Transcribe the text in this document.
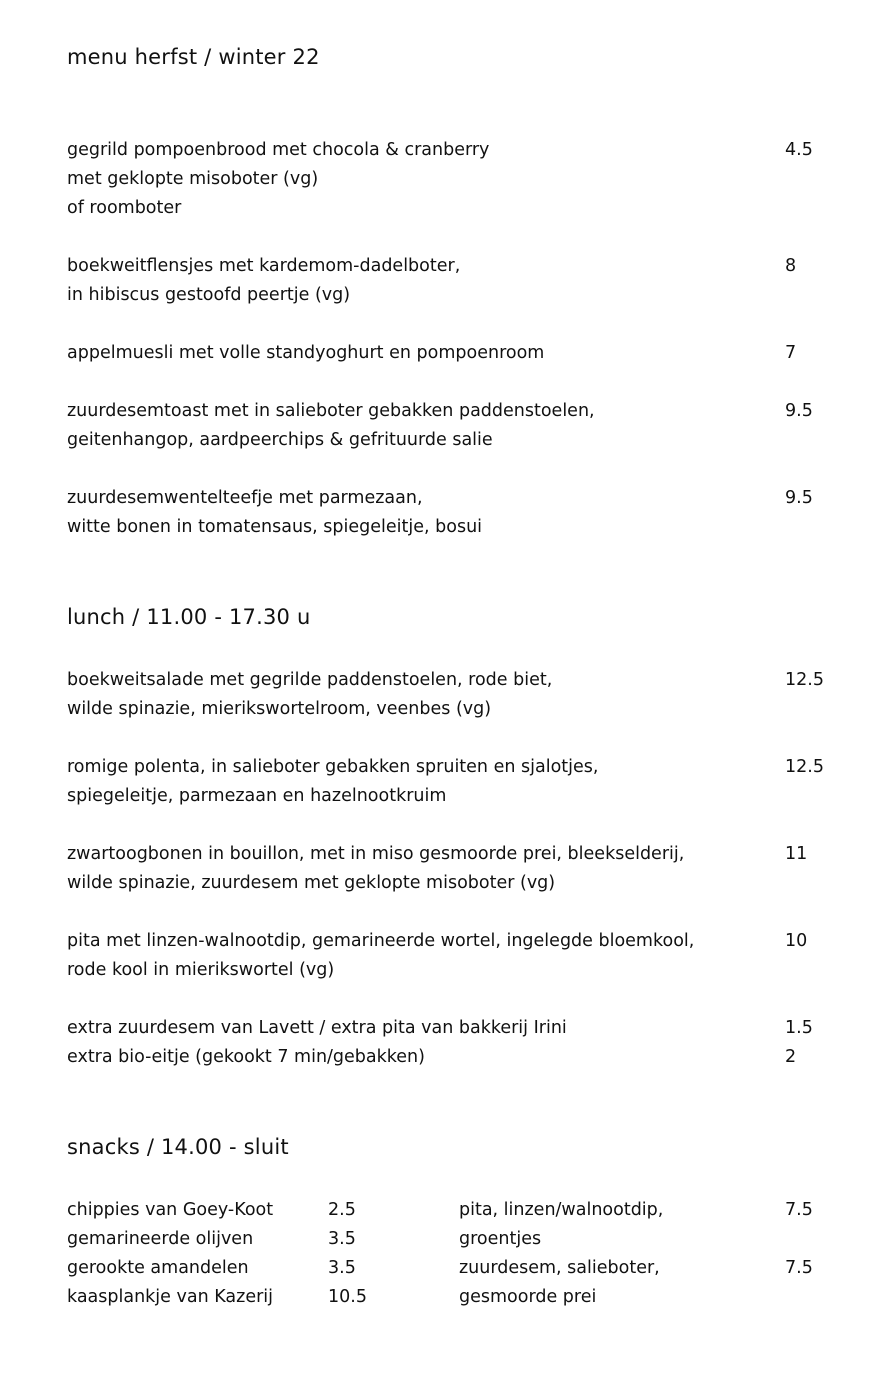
menu herfst / winter 22
gegrild pompoenbrood met chocola & cranberry
met geklopte misoboter (vg)
of roomboter
4.5
boekweitflensjes met kardemom-dadelboter,
in hibiscus gestoofd peertje (vg)
8
appelmuesli met volle standyoghurt en pompoenroom	7
zuurdesemtoast met in salieboter gebakken paddenstoelen,
geitenhangop, aardpeerchips & gefrituurde salie
9.5
zuurdesemwentelteefje met parmezaan,
witte bonen in tomatensaus, spiegeleitje, bosui
9.5
lunch / 11.00 - 17.30 u
boekweitsalade met gegrilde paddenstoelen, rode biet,
wilde spinazie, mierikswortelroom, veenbes (vg)
12.5
romige polenta, in salieboter gebakken spruiten en sjalotjes,
spiegeleitje, parmezaan en hazelnootkruim
12.5
zwartoogbonen in bouillon, met in miso gesmoorde prei, bleekselderij,
wilde spinazie, zuurdesem met geklopte misoboter (vg)
11
pita met linzen-walnootdip, gemarineerde wortel, ingelegde bloemkool,
rode kool in mierikswortel (vg)
10
extra zuurdesem van Lavett / extra pita van bakkerij Irini
extra bio-eitje (gekookt 7 min/gebakken)
1.5
2
snacks / 14.00 - sluit
chippies van Goey-Koot
gemarineerde olijven
gerookte amandelen
kaasplankje van Kazerij
2.5
3.5
3.5
10.5
pita, linzen/walnootdip,
groentjes
zuurdesem, salieboter,
gesmoorde prei
7.5
7.5
